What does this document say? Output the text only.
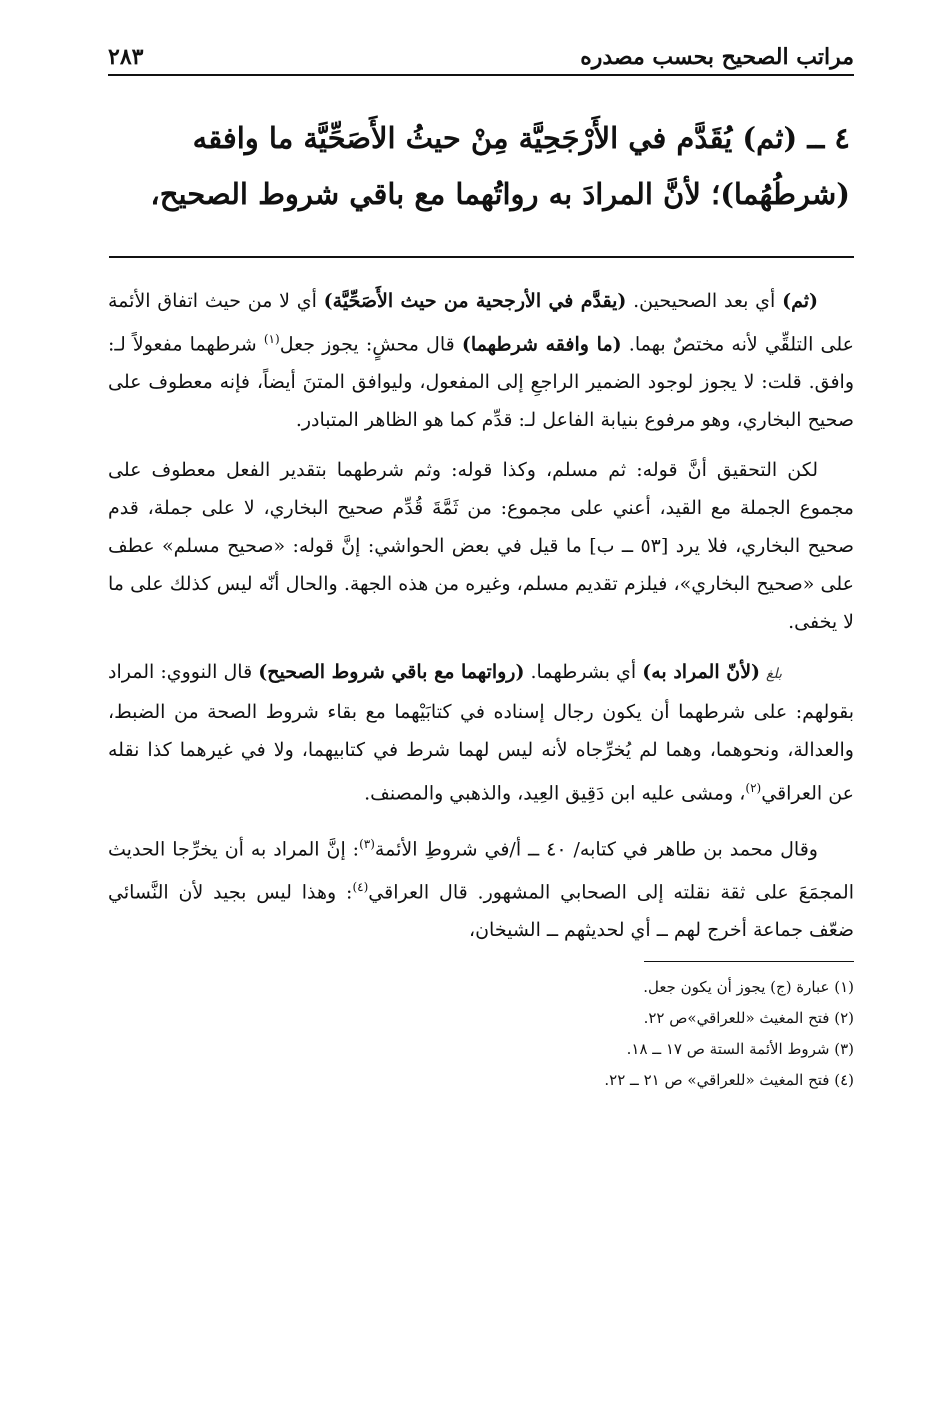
مراتب الصحيح بحسب مصدره
٢٨٣
٤ ــ (ثم) يُقَدَّم في الأَرْجَحِيَّة مِنْ حيثُ الأَصَحِّيَّة ما وافقه
(شرطُهُما)؛ لأنَّ المرادَ به رواتُهما مع باقي شروط الصحيح،

(ثم) أي بعد الصحيحين. (يقدَّم في الأرجحية من حيث الأَصَحِّيَّة) أي لا من حيث اتفاق الأئمة على التلقِّي لأنه مختصٌ بهما. (ما وافقه شرطهما) قال محشٍ: يجوز جعل$^{(١)}$ شرطهما مفعولاً لـ: وافق. قلت: لا يجوز لوجود الضمير الراجعِ إلى المفعول، وليوافق المتنَ أيضاً، فإنه معطوف على صحيح البخاري، وهو مرفوع بنيابة الفاعل لـ: قدِّم كما هو الظاهر المتبادر.

لكن التحقيق أنَّ قوله: ثم مسلم، وكذا قوله: وثم شرطهما بتقدير الفعل معطوف على مجموع الجملة مع القيد، أعني على مجموع: من ثَمَّةَ قُدِّم صحيح البخاري، لا على جملة، قدم صحيح البخاري، فلا يرد [٥٣ ــ ب] ما قيل في بعض الحواشي: إنَّ قوله: «صحيح مسلم» عطف على «صحيح البخاري»، فيلزم تقديم مسلم، وغيره من هذه الجهة. والحال أنّه ليس كذلك على ما لا يخفى.

بلغ(لأنّ المراد به) أي بشرطهما. (رواتهما مع باقي شروط الصحيح) قال النووي: المراد بقولهم: على شرطهما أن يكون رجال إسناده في كتابَيْهما مع بقاء شروط الصحة من الضبط، والعدالة، ونحوهما، وهما لم يُخرِّجاه لأنه ليس لهما شرط في كتابيهما، ولا في غيرهما كذا نقله عن العراقي$^{(٢)}$، ومشى عليه ابن دَقِيق العِيد، والذهبي والمصنف.

وقال محمد بن طاهر في كتابه/ ٤٠ ــ أ/في شروطِ الأئمة$^{(٣)}$: إنَّ المراد به أن يخرِّجا الحديث المجمَعَ على ثقة نقلته إلى الصحابي المشهور. قال العراقي$^{(٤)}$: وهذا ليس بجيد لأن النَّسائي ضعّف جماعة أخرج لهم ــ أي لحديثهم ــ الشيخان،

(١) عبارة (ج) يجوز أن يكون جعل.
(٢) فتح المغيث «للعراقي»ص ٢٢.
(٣) شروط الأئمة الستة ص ١٧ ــ ١٨.
(٤) فتح المغيث «للعراقي» ص ٢١ ــ ٢٢.
